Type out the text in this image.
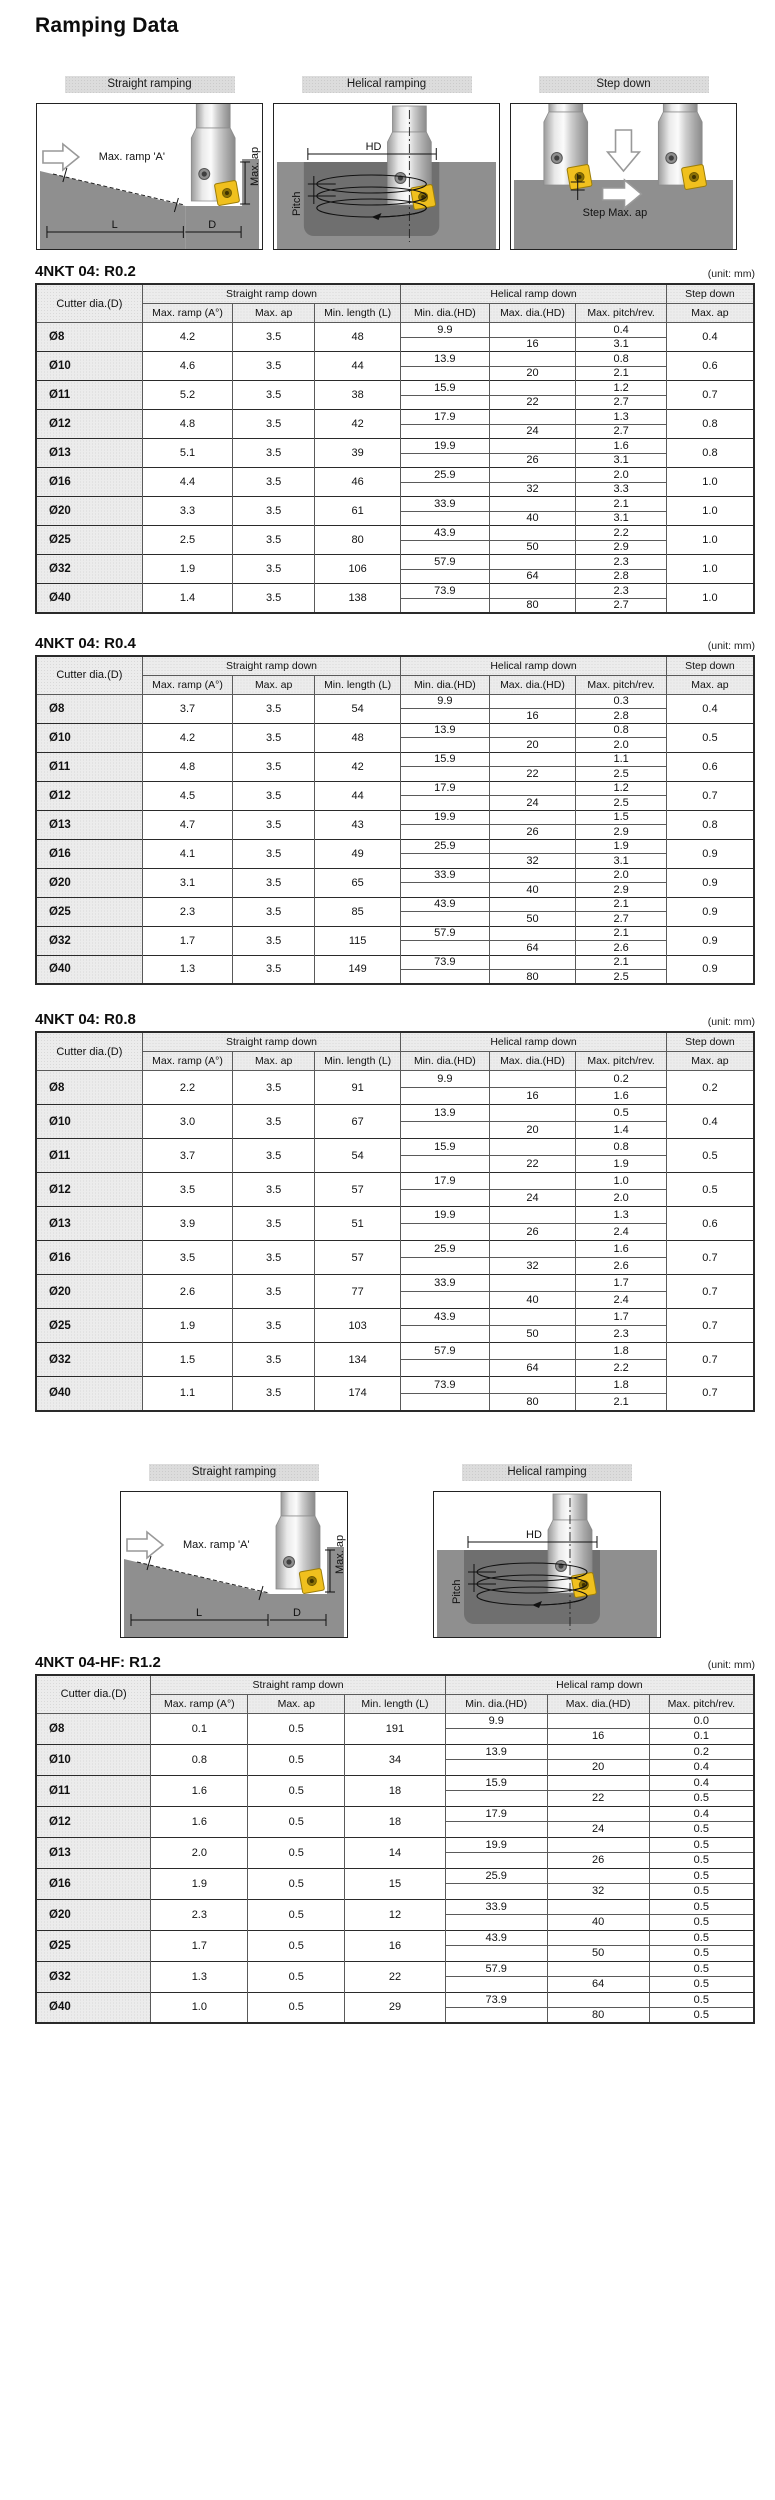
Ramping Data
Straight ramping
Max. ramp 'A'	Max. ap
L	D
Helical ramping
HD
Pitch
Step down
Step Max. ap
4NKT 04: R0.2	(unit: mm)
Cutter dia.(D)	Straight ramp down			Helical ramp down			Step down
	Max. ramp (A°)	Max. ap	Min. length (L)	Min. dia.(HD)	Max. dia.(HD)	Max. pitch/rev.	Max. ap
Ø8	4.2	3.5	48	9.9		0.4	0.4
					16	3.1	
Ø10	4.6	3.5	44	13.9		0.8	0.6
					20	2.1	
Ø11	5.2	3.5	38	15.9		1.2	0.7
					22	2.7	
Ø12	4.8	3.5	42	17.9		1.3	0.8
					24	2.7	
Ø13	5.1	3.5	39	19.9		1.6	0.8
					26	3.1	
Ø16	4.4	3.5	46	25.9		2.0	1.0
					32	3.3	
Ø20	3.3	3.5	61	33.9		2.1	1.0
					40	3.1	
Ø25	2.5	3.5	80	43.9		2.2	1.0
					50	2.9	
Ø32	1.9	3.5	106	57.9		2.3	1.0
					64	2.8	
Ø40	1.4	3.5	138	73.9		2.3	1.0
					80	2.7	
4NKT 04: R0.4	(unit: mm)
Cutter dia.(D)	Straight ramp down			Helical ramp down			Step down
	Max. ramp (A°)	Max. ap	Min. length (L)	Min. dia.(HD)	Max. dia.(HD)	Max. pitch/rev.	Max. ap
Ø8	3.7	3.5	54	9.9		0.3	0.4
					16	2.8	
Ø10	4.2	3.5	48	13.9		0.8	0.5
					20	2.0	
Ø11	4.8	3.5	42	15.9		1.1	0.6
					22	2.5	
Ø12	4.5	3.5	44	17.9		1.2	0.7
					24	2.5	
Ø13	4.7	3.5	43	19.9		1.5	0.8
					26	2.9	
Ø16	4.1	3.5	49	25.9		1.9	0.9
					32	3.1	
Ø20	3.1	3.5	65	33.9		2.0	0.9
					40	2.9	
Ø25	2.3	3.5	85	43.9		2.1	0.9
					50	2.7	
Ø32	1.7	3.5	115	57.9		2.1	0.9
					64	2.6	
Ø40	1.3	3.5	149	73.9		2.1	0.9
					80	2.5	
4NKT 04: R0.8	(unit: mm)
Cutter dia.(D)	Straight ramp down			Helical ramp down			Step down
	Max. ramp (A°)	Max. ap	Min. length (L)	Min. dia.(HD)	Max. dia.(HD)	Max. pitch/rev.	Max. ap
Ø8	2.2	3.5	91	9.9		0.2	0.2
					16	1.6	
Ø10	3.0	3.5	67	13.9		0.5	0.4
					20	1.4	
Ø11	3.7	3.5	54	15.9		0.8	0.5
					22	1.9	
Ø12	3.5	3.5	57	17.9		1.0	0.5
					24	2.0	
Ø13	3.9	3.5	51	19.9		1.3	0.6
					26	2.4	
Ø16	3.5	3.5	57	25.9		1.6	0.7
					32	2.6	
Ø20	2.6	3.5	77	33.9		1.7	0.7
					40	2.4	
Ø25	1.9	3.5	103	43.9		1.7	0.7
					50	2.3	
Ø32	1.5	3.5	134	57.9		1.8	0.7
					64	2.2	
Ø40	1.1	3.5	174	73.9		1.8	0.7
					80	2.1	
Straight ramping
Max. ramp 'A'	Max. ap
L	D
Helical ramping
HD
Pitch
4NKT 04-HF: R1.2	(unit: mm)
Cutter dia.(D)	Straight ramp down			Helical ramp down		
	Max. ramp (A°)	Max. ap	Min. length (L)	Min. dia.(HD)	Max. dia.(HD)	Max. pitch/rev.
Ø8	0.1	0.5	191	9.9		0.0
					16	0.1
Ø10	0.8	0.5	34	13.9		0.2
					20	0.4
Ø11	1.6	0.5	18	15.9		0.4
					22	0.5
Ø12	1.6	0.5	18	17.9		0.4
					24	0.5
Ø13	2.0	0.5	14	19.9		0.5
					26	0.5
Ø16	1.9	0.5	15	25.9		0.5
					32	0.5
Ø20	2.3	0.5	12	33.9		0.5
					40	0.5
Ø25	1.7	0.5	16	43.9		0.5
					50	0.5
Ø32	1.3	0.5	22	57.9		0.5
					64	0.5
Ø40	1.0	0.5	29	73.9		0.5
					80	0.5
